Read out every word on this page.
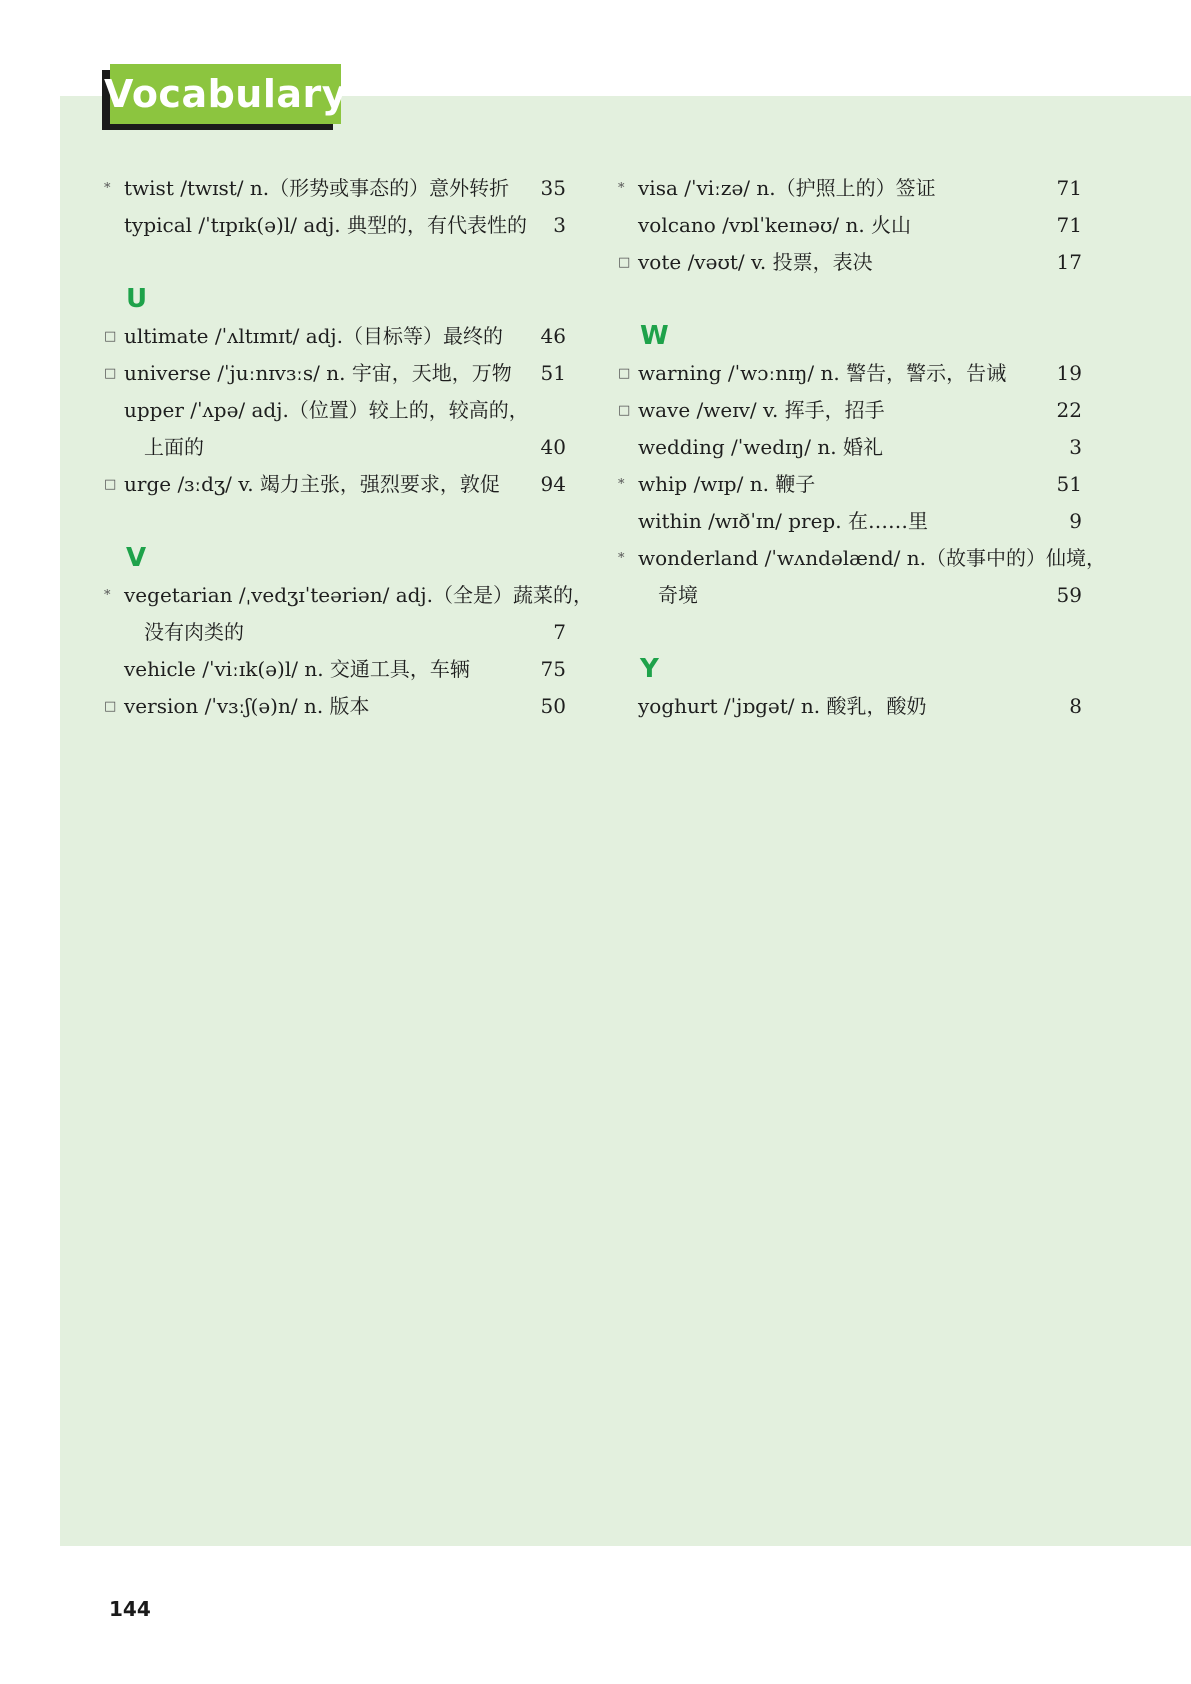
Vocabulary
* twist /twɪst/ n.（形势或事态的）意外转折 35
typical /ˈtɪpɪk(ə)l/ adj. 典型的，有代表性的 3
U
□ ultimate /ˈʌltɪmɪt/ adj.（目标等）最终的 46
□ universe /ˈjuːnɪvɜːs/ n. 宇宙，天地，万物 51
upper /ˈʌpə/ adj.（位置）较上的，较高的，
上面的	40
□ urge /ɜːdʒ/ v. 竭力主张，强烈要求，敦促 94
V
* vegetarian /ˌvedʒɪˈteəriən/ adj.（全是）蔬菜的，
没有肉类的	7
vehicle /ˈviːɪk(ə)l/ n. 交通工具，车辆	75
□ version /ˈvɜːʃ(ə)n/ n. 版本	50
* visa /ˈviːzə/ n.（护照上的）签证	71
volcano /vɒlˈkeɪnəʊ/ n. 火山	71
□ vote /vəʊt/ v. 投票，表决	17
W
□ warning /ˈwɔːnɪŋ/ n. 警告，警示，告诫	19
□ wave /weɪv/ v. 挥手，招手	22
wedding /ˈwedɪŋ/ n. 婚礼	3
* whip /wɪp/ n. 鞭子	51
within /wɪðˈɪn/ prep. 在……里	9
* wonderland /ˈwʌndəlænd/ n.（故事中的）仙境，
奇境	59
Y
yoghurt /ˈjɒgət/ n. 酸乳，酸奶	8
144
